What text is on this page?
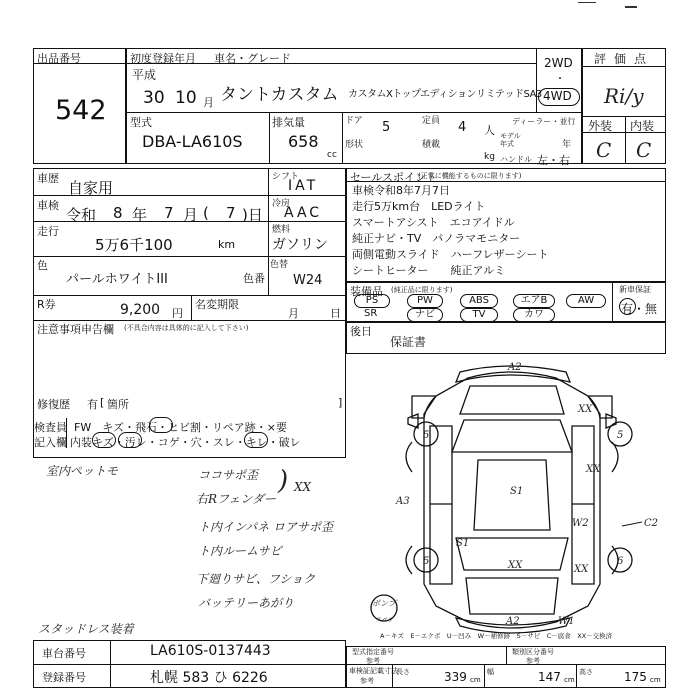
出品番号
542
初度登録年月 車名・グレード
平成
30 10 月 タントカスタム カスタムXトップエディションリミテッドSA3
2WD
・
4WD
評価点
Ri/y
外装 内装
C C
型式
DBA-LA610S
排気量
658
cc
ドア 5
形状
定員 4 人
積載
kg
ディーラー・並行
モデル年式	年
ハンドル 左・右
車歴
自家用
車検
令和 8 年 7 月 ( 7 )日
走行
5万6千100	km
シフト
IAT
冷房
AAC
燃料
ガソリン
色
パールホワイトIII
色替
色番 W24
R券	9,200 円
名変期限
月	日
注意事項申告欄 (不具合内容は具体的に記入して下さい)
修復歴 有 [ 箇所	]
セールスポイント
(正常に機能するものに限ります)
車検令和8年7月7日
走行5万km台　LEDライト
スマートアシスト　エコアイドル
純正ナビ・TV　パノラマモニター
両側電動スライド　ハーフレザーシート
シートヒーター　　純正アルミ
装備品 (純正品に限ります)	新車保証
有・無
PS	PW	ABS	エアB	AW
SR	ナビ	TV	カワ
後日
保証書
検査員
記入欄
FW　キズ・飛石・ヒビ割・リペア跡・×要
内装 キズ・汚レ・コゲ・穴・スレ・キレ・破レ
室内ペットモ	ココサポ歪
右Rフェンダー
ト内インパネ ロアサポ歪
ト内ルームサビ
下廻りサビ、フショク
バッテリーあがり
XX
)
スタッドレス装着
A2
XX
5	5
XX
A3
S1
S1
W2	C2
5	6
XX	XX
A2	W1
ポンプ
スペア
A－キズ　E－エクボ　U－凹み　W－補修跡　S－サビ　C－腐食　XX－交換済
車台番号	LA610S-0137443
登録番号	札幌 583 ひ 6226
型式指定番号
参考
類別区分番号
参考
車検証記載寸法
参考
長さ	339 cm
幅	147 cm
高さ	175 cm
